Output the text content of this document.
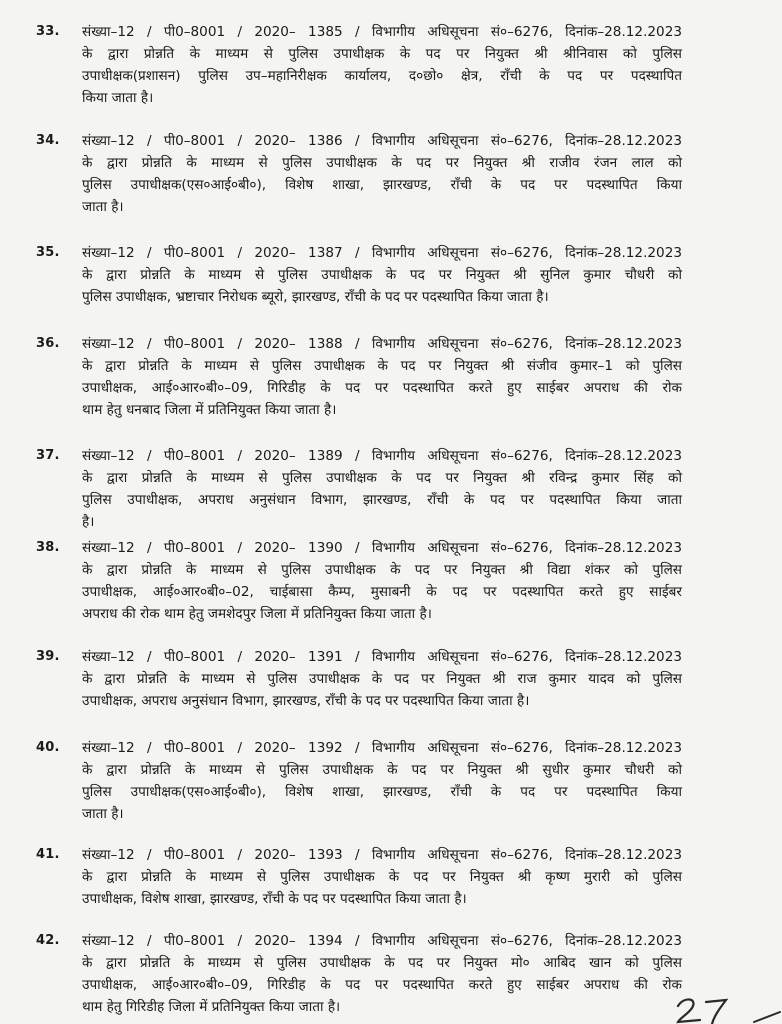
33. संख्या–12 / पी0–8001 / 2020– 1385 / विभागीय अधिसूचना सं०–6276, दिनांक–28.12.2023
के द्वारा प्रोन्नति के माध्यम से पुलिस उपाधीक्षक के पद पर नियुक्त श्री श्रीनिवास को पुलिस
उपाधीक्षक(प्रशासन) पुलिस उप–महानिरीक्षक कार्यालय, द०छो० क्षेत्र, राँची के पद पर पदस्थापित
किया जाता है।
34. संख्या–12 / पी0–8001 / 2020– 1386 / विभागीय अधिसूचना सं०–6276, दिनांक–28.12.2023
के द्वारा प्रोन्नति के माध्यम से पुलिस उपाधीक्षक के पद पर नियुक्त श्री राजीव रंजन लाल को
पुलिस उपाधीक्षक(एस०आई०बी०), विशेष शाखा, झारखण्ड, राँची के पद पर पदस्थापित किया
जाता है।
35. संख्या–12 / पी0–8001 / 2020– 1387 / विभागीय अधिसूचना सं०–6276, दिनांक–28.12.2023
के द्वारा प्रोन्नति के माध्यम से पुलिस उपाधीक्षक के पद पर नियुक्त श्री सुनिल कुमार चौधरी को
पुलिस उपाधीक्षक, भ्रष्टाचार निरोधक ब्यूरो, झारखण्ड, राँची के पद पर पदस्थापित किया जाता है।
36. संख्या–12 / पी0–8001 / 2020– 1388 / विभागीय अधिसूचना सं०–6276, दिनांक–28.12.2023
के द्वारा प्रोन्नति के माध्यम से पुलिस उपाधीक्षक के पद पर नियुक्त श्री संजीव कुमार–1 को पुलिस
उपाधीक्षक, आई०आर०बी०–09, गिरिडीह के पद पर पदस्थापित करते हुए साईबर अपराध की रोक
थाम हेतु धनबाद जिला में प्रतिनियुक्त किया जाता है।
37. संख्या–12 / पी0–8001 / 2020– 1389 / विभागीय अधिसूचना सं०–6276, दिनांक–28.12.2023
के द्वारा प्रोन्नति के माध्यम से पुलिस उपाधीक्षक के पद पर नियुक्त श्री रविन्द्र कुमार सिंह को
पुलिस उपाधीक्षक, अपराध अनुसंधान विभाग, झारखण्ड, राँची के पद पर पदस्थापित किया जाता
है।
38. संख्या–12 / पी0–8001 / 2020– 1390 / विभागीय अधिसूचना सं०–6276, दिनांक–28.12.2023
के द्वारा प्रोन्नति के माध्यम से पुलिस उपाधीक्षक के पद पर नियुक्त श्री विद्या शंकर को पुलिस
उपाधीक्षक, आई०आर०बी०–02, चाईबासा कैम्प, मुसाबनी के पद पर पदस्थापित करते हुए साईबर
अपराध की रोक थाम हेतु जमशेदपुर जिला में प्रतिनियुक्त किया जाता है।
39. संख्या–12 / पी0–8001 / 2020– 1391 / विभागीय अधिसूचना सं०–6276, दिनांक–28.12.2023
के द्वारा प्रोन्नति के माध्यम से पुलिस उपाधीक्षक के पद पर नियुक्त श्री राज कुमार यादव को पुलिस
उपाधीक्षक, अपराध अनुसंधान विभाग, झारखण्ड, राँची के पद पर पदस्थापित किया जाता है।
40. संख्या–12 / पी0–8001 / 2020– 1392 / विभागीय अधिसूचना सं०–6276, दिनांक–28.12.2023
के द्वारा प्रोन्नति के माध्यम से पुलिस उपाधीक्षक के पद पर नियुक्त श्री सुधीर कुमार चौधरी को
पुलिस उपाधीक्षक(एस०आई०बी०), विशेष शाखा, झारखण्ड, राँची के पद पर पदस्थापित किया
जाता है।
41. संख्या–12 / पी0–8001 / 2020– 1393 / विभागीय अधिसूचना सं०–6276, दिनांक–28.12.2023
के द्वारा प्रोन्नति के माध्यम से पुलिस उपाधीक्षक के पद पर नियुक्त श्री कृष्ण मुरारी को पुलिस
उपाधीक्षक, विशेष शाखा, झारखण्ड, राँची के पद पर पदस्थापित किया जाता है।
42. संख्या–12 / पी0–8001 / 2020– 1394 / विभागीय अधिसूचना सं०–6276, दिनांक–28.12.2023
के द्वारा प्रोन्नति के माध्यम से पुलिस उपाधीक्षक के पद पर नियुक्त मो० आबिद खान को पुलिस
उपाधीक्षक, आई०आर०बी०–09, गिरिडीह के पद पर पदस्थापित करते हुए साईबर अपराध की रोक
थाम हेतु गिरिडीह जिला में प्रतिनियुक्त किया जाता है।
